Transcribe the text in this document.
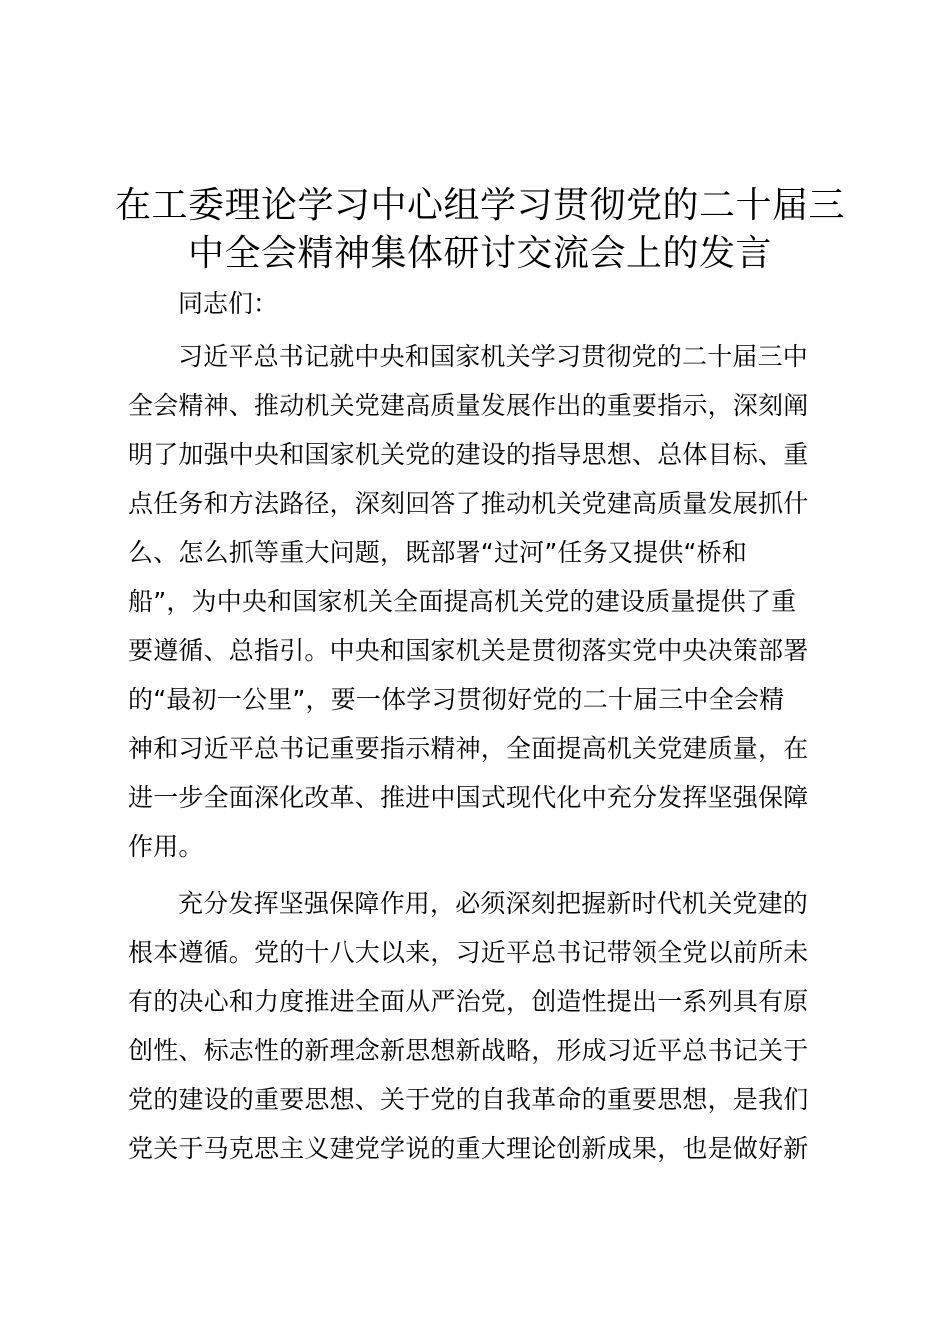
在工委理论学习中心组学习贯彻党的二十届三
中全会精神集体研讨交流会上的发言

同志们：

习近平总书记就中央和国家机关学习贯彻党的二十届三中
全会精神、推动机关党建高质量发展作出的重要指示，深刻阐
明了加强中央和国家机关党的建设的指导思想、总体目标、重
点任务和方法路径，深刻回答了推动机关党建高质量发展抓什
么、怎么抓等重大问题，既部署“过河”任务又提供“桥和
船”，为中央和国家机关全面提高机关党的建设质量提供了重
要遵循、总指引。中央和国家机关是贯彻落实党中央决策部署
的“最初一公里”，要一体学习贯彻好党的二十届三中全会精
神和习近平总书记重要指示精神，全面提高机关党建质量，在
进一步全面深化改革、推进中国式现代化中充分发挥坚强保障
作用。

充分发挥坚强保障作用，必须深刻把握新时代机关党建的
根本遵循。党的十八大以来，习近平总书记带领全党以前所未
有的决心和力度推进全面从严治党，创造性提出一系列具有原
创性、标志性的新理念新思想新战略，形成习近平总书记关于
党的建设的重要思想、关于党的自我革命的重要思想，是我们
党关于马克思主义建党学说的重大理论创新成果，也是做好新
